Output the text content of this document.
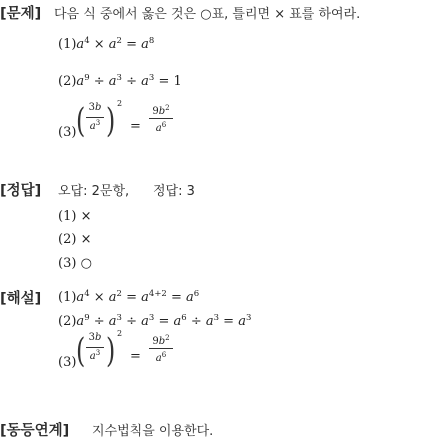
[문제] 다음 식 중에서 옳은 것은 ○표, 틀리면 × 표를 하여라.
$(1)a^4 \times a^2 = a^8$
$(2)a^9 \div a^3 \div a^3 = 1$
(3) ( 3b
$a^3$ ) 2
=
$9b^2$
$a^6$
[정답] 오답: 2문항, 정답: 3
(1) ×
(2) ×
(3) ○
[해설] $(1)a^4 \times a^2 = a^{4+2} = a^6$
$(2)a^9 \div a^3 \div a^3 = a^6 \div a^3 = a^3$
(3) ( 3b
$a^3$ ) 2
=
$9b^2$
$a^6$
[동등연계] 지수법칙을 이용한다.
